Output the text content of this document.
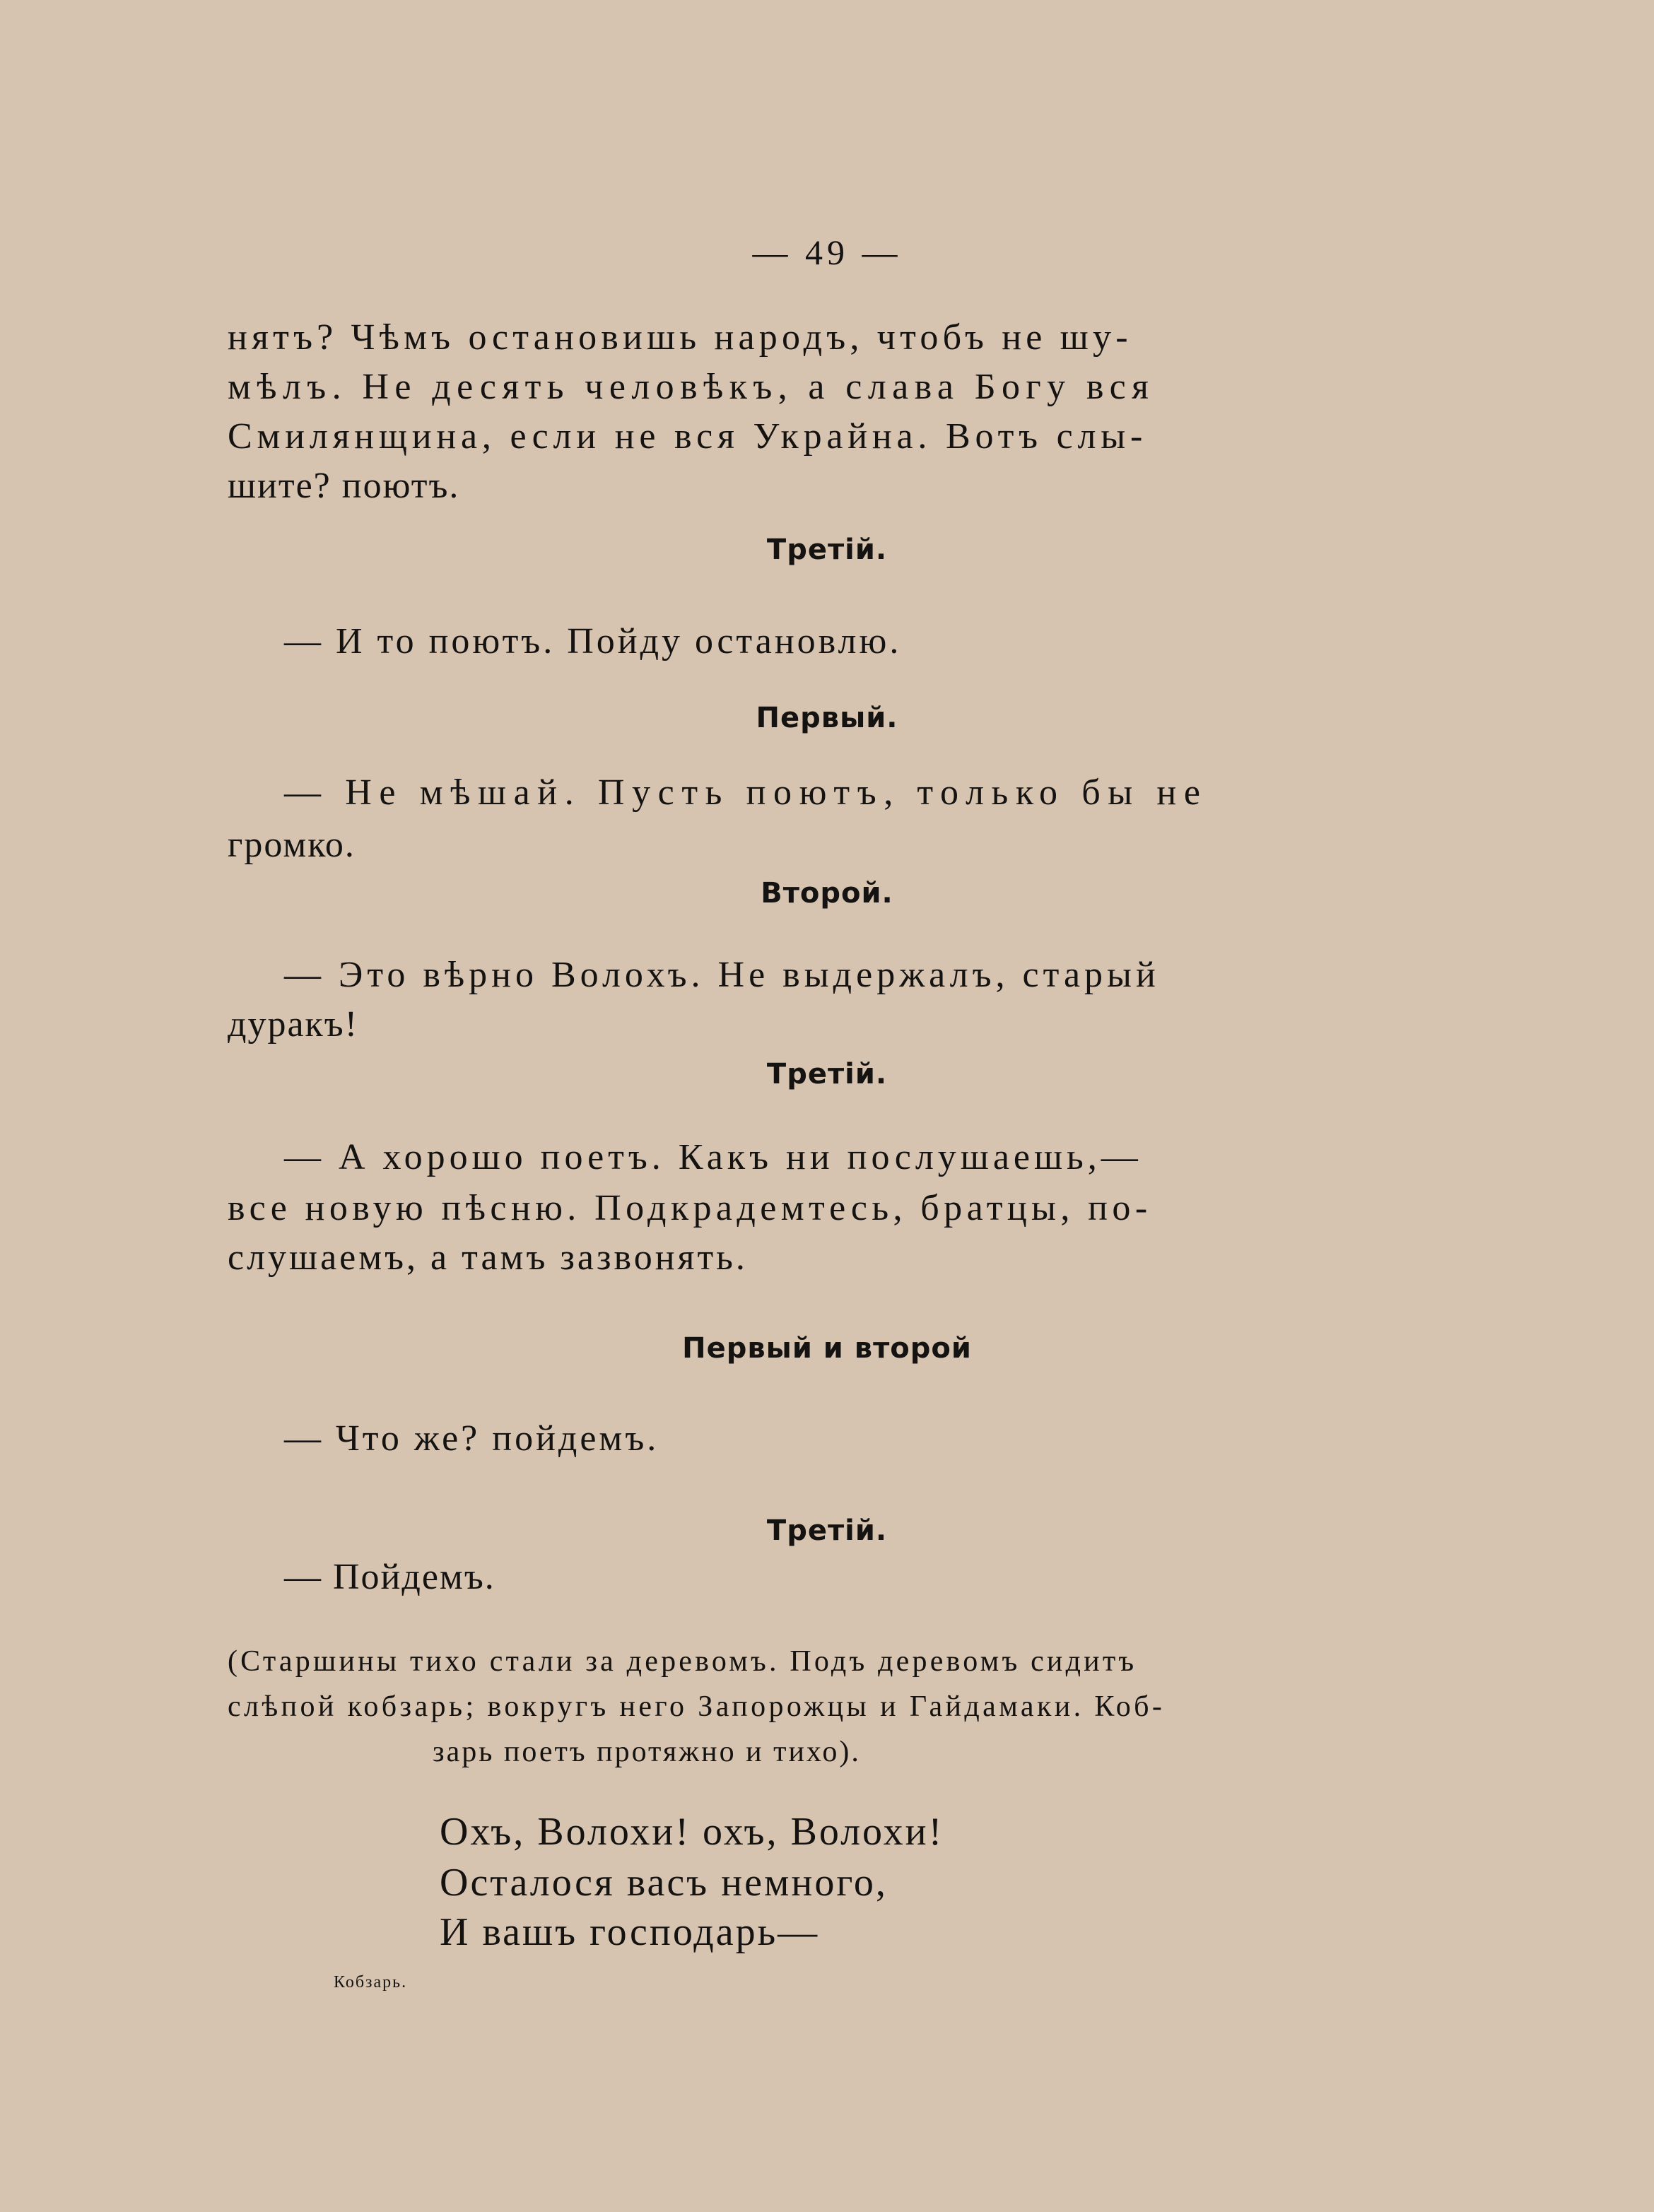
— 49 —
нятъ? Чѣмъ остановишь народъ, чтобъ не шу-
мѣлъ. Не десять человѣкъ, а слава Богу вся
Смилянщина, если не вся Украйна. Вотъ слы-
шите? поютъ.
Третій.
— И то поютъ. Пойду остановлю.
Первый.
— Не мѣшай. Пусть поютъ, только бы не
громко.
Второй.
— Это вѣрно Волохъ. Не выдержалъ, старый
дуракъ!
Третій.
— А хорошо поетъ. Какъ ни послушаешь,—
все новую пѣсню. Подкрадемтесь, братцы, по-
слушаемъ, а тамъ зазвонять.
Первый и второй
— Что же? пойдемъ.
Третій.
— Пойдемъ.
(Старшины тихо стали за деревомъ. Подъ деревомъ сидитъ
слѣпой кобзарь; вокругъ него Запорожцы и Гайдамаки. Коб-
зарь поетъ протяжно и тихо).
Охъ, Волохи! охъ, Волохи!
Осталося васъ немного,
И вашъ господарь—
Кобзарь.
